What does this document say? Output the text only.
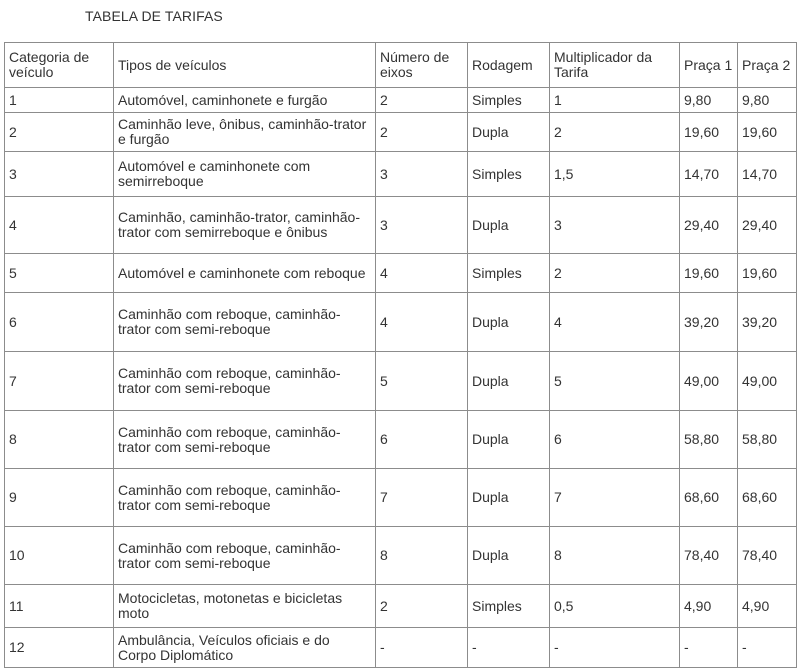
TABELA DE TARIFAS
Categoria de veículo	Tipos de veículos	Número de eixos	Rodagem	Multiplicador da Tarifa	Praça 1	Praça 2
1	Automóvel, caminhonete e furgão	2	Simples	1	9,80	9,80
2	Caminhão leve, ônibus, caminhão-trator e furgão	2	Dupla	2	19,60	19,60
3	Automóvel e caminhonete com semirreboque	3	Simples	1,5	14,70	14,70
4	Caminhão, caminhão-trator, caminhão-trator com semirreboque e ônibus	3	Dupla	3	29,40	29,40
5	Automóvel e caminhonete com reboque	4	Simples	2	19,60	19,60
6	Caminhão com reboque, caminhão-trator com semi-reboque	4	Dupla	4	39,20	39,20
7	Caminhão com reboque, caminhão-trator com semi-reboque	5	Dupla	5	49,00	49,00
8	Caminhão com reboque, caminhão-trator com semi-reboque	6	Dupla	6	58,80	58,80
9	Caminhão com reboque, caminhão-trator com semi-reboque	7	Dupla	7	68,60	68,60
10	Caminhão com reboque, caminhão-trator com semi-reboque	8	Dupla	8	78,40	78,40
11	Motocicletas, motonetas e bicicletas moto	2	Simples	0,5	4,90	4,90
12	Ambulância, Veículos oficiais e do Corpo Diplomático	-	-	-	-	-
